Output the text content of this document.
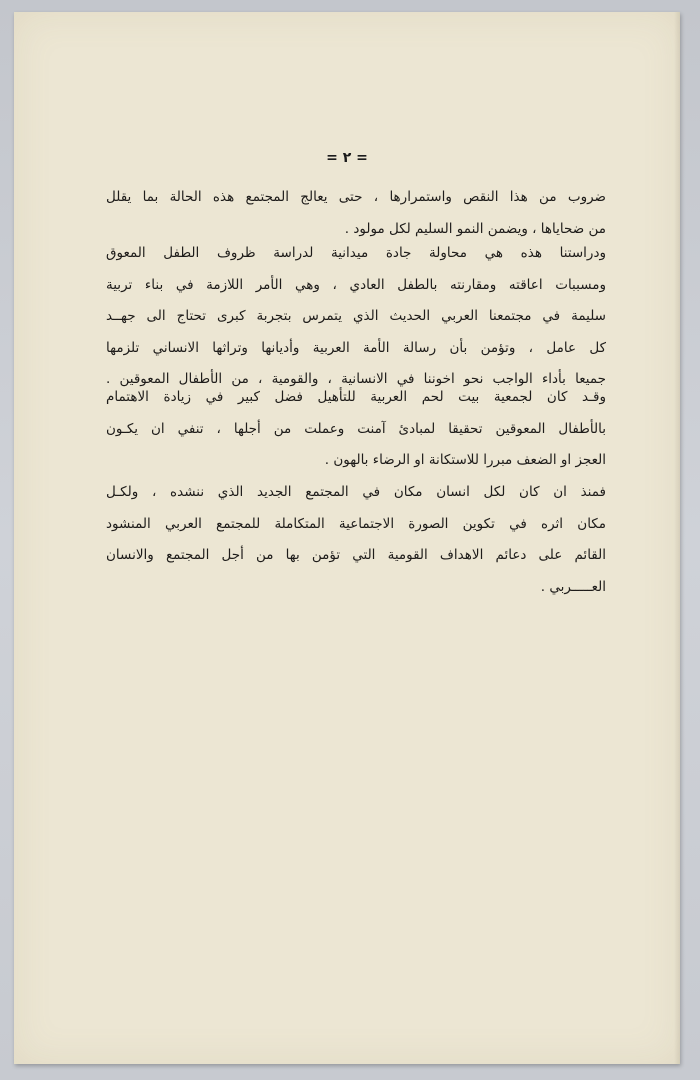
= ٢ =
ضروب من هذا النقص واستمرارها ، حتى يعالج المجتمع هذه الحالة بما يقلل
من ضحاياها ، ويضمن النمو السليم لكل مولود .
ودراستنا هذه هي محاولة جادة ميدانية لدراسة ظروف الطفل المعوق
ومسببات اعاقته ومقارنته بالطفل العادي ، وهي الأمر اللازمة في بناء تربية
سليمة في مجتمعنا العربي الحديث الذي يتمرس بتجربة كبرى تحتاج الى جهــد
كل عامل ، وتؤمن بأن رسالة الأمة العربية وأديانها وتراثها الانساني تلزمها
جميعا بأداء الواجب نحو اخوننا في الانسانية ، والقومية ، من الأطفال المعوقين .
وقـد كان لجمعية بيت لحم العربية للتأهيل فضل كبير في زيادة الاهتمام
بالأطفال المعوقين تحقيقا لمبادئ آمنت وعملت من أجلها ، تنفي ان يكـون
العجز او الضعف مبررا للاستكانة او الرضاء بالهون .
فمنذ ان كان لكل انسان مكان في المجتمع الجديد الذي ننشده ، ولكـل
مكان اثره في تكوين الصورة الاجتماعية المتكاملة للمجتمع العربي المنشود
القائم على دعائم الاهداف القومية التي تؤمن بها من أجل المجتمع والانسان
العـــــربي .
